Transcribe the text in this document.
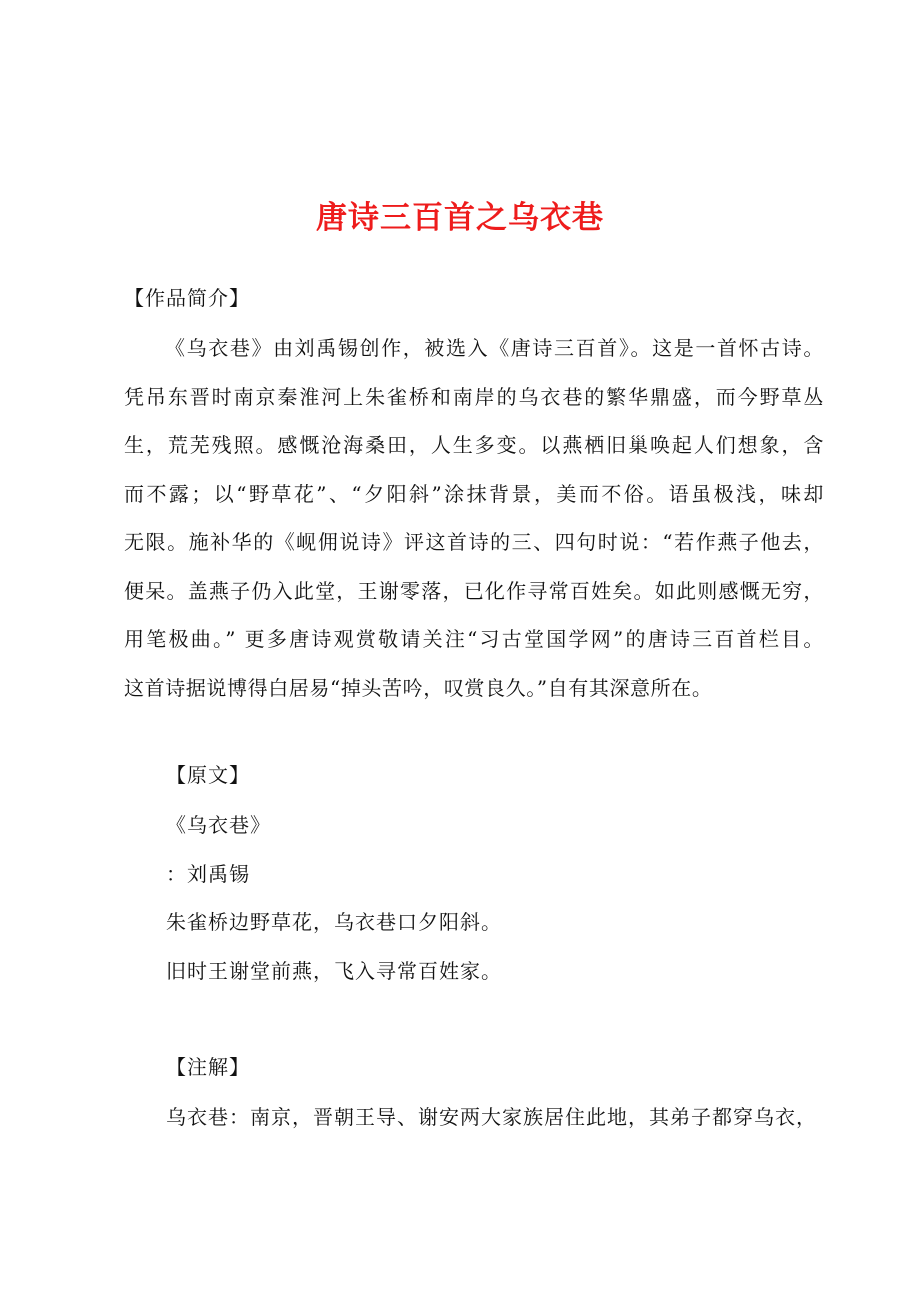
唐诗三百首之乌衣巷
【作品简介】
《乌衣巷》由刘禹锡创作，被选入《唐诗三百首》。这是一首怀古诗。
凭吊东晋时南京秦淮河上朱雀桥和南岸的乌衣巷的繁华鼎盛，而今野草丛
生，荒芜残照。感慨沧海桑田，人生多变。以燕栖旧巢唤起人们想象，含
而不露；以“野草花”、“夕阳斜”涂抹背景，美而不俗。语虽极浅，味却
无限。施补华的《岘佣说诗》评这首诗的三、四句时说：“若作燕子他去，
便呆。盖燕子仍入此堂，王谢零落，已化作寻常百姓矣。如此则感慨无穷，
用笔极曲。” 更多唐诗观赏敬请关注“习古堂国学网”的唐诗三百首栏目。
这首诗据说博得白居易“掉头苦吟，叹赏良久。”自有其深意所在。
【原文】
《乌衣巷》
：刘禹锡
朱雀桥边野草花，乌衣巷口夕阳斜。
旧时王谢堂前燕，飞入寻常百姓家。
【注解】
乌衣巷：南京，晋朝王导、谢安两大家族居住此地，其弟子都穿乌衣，
